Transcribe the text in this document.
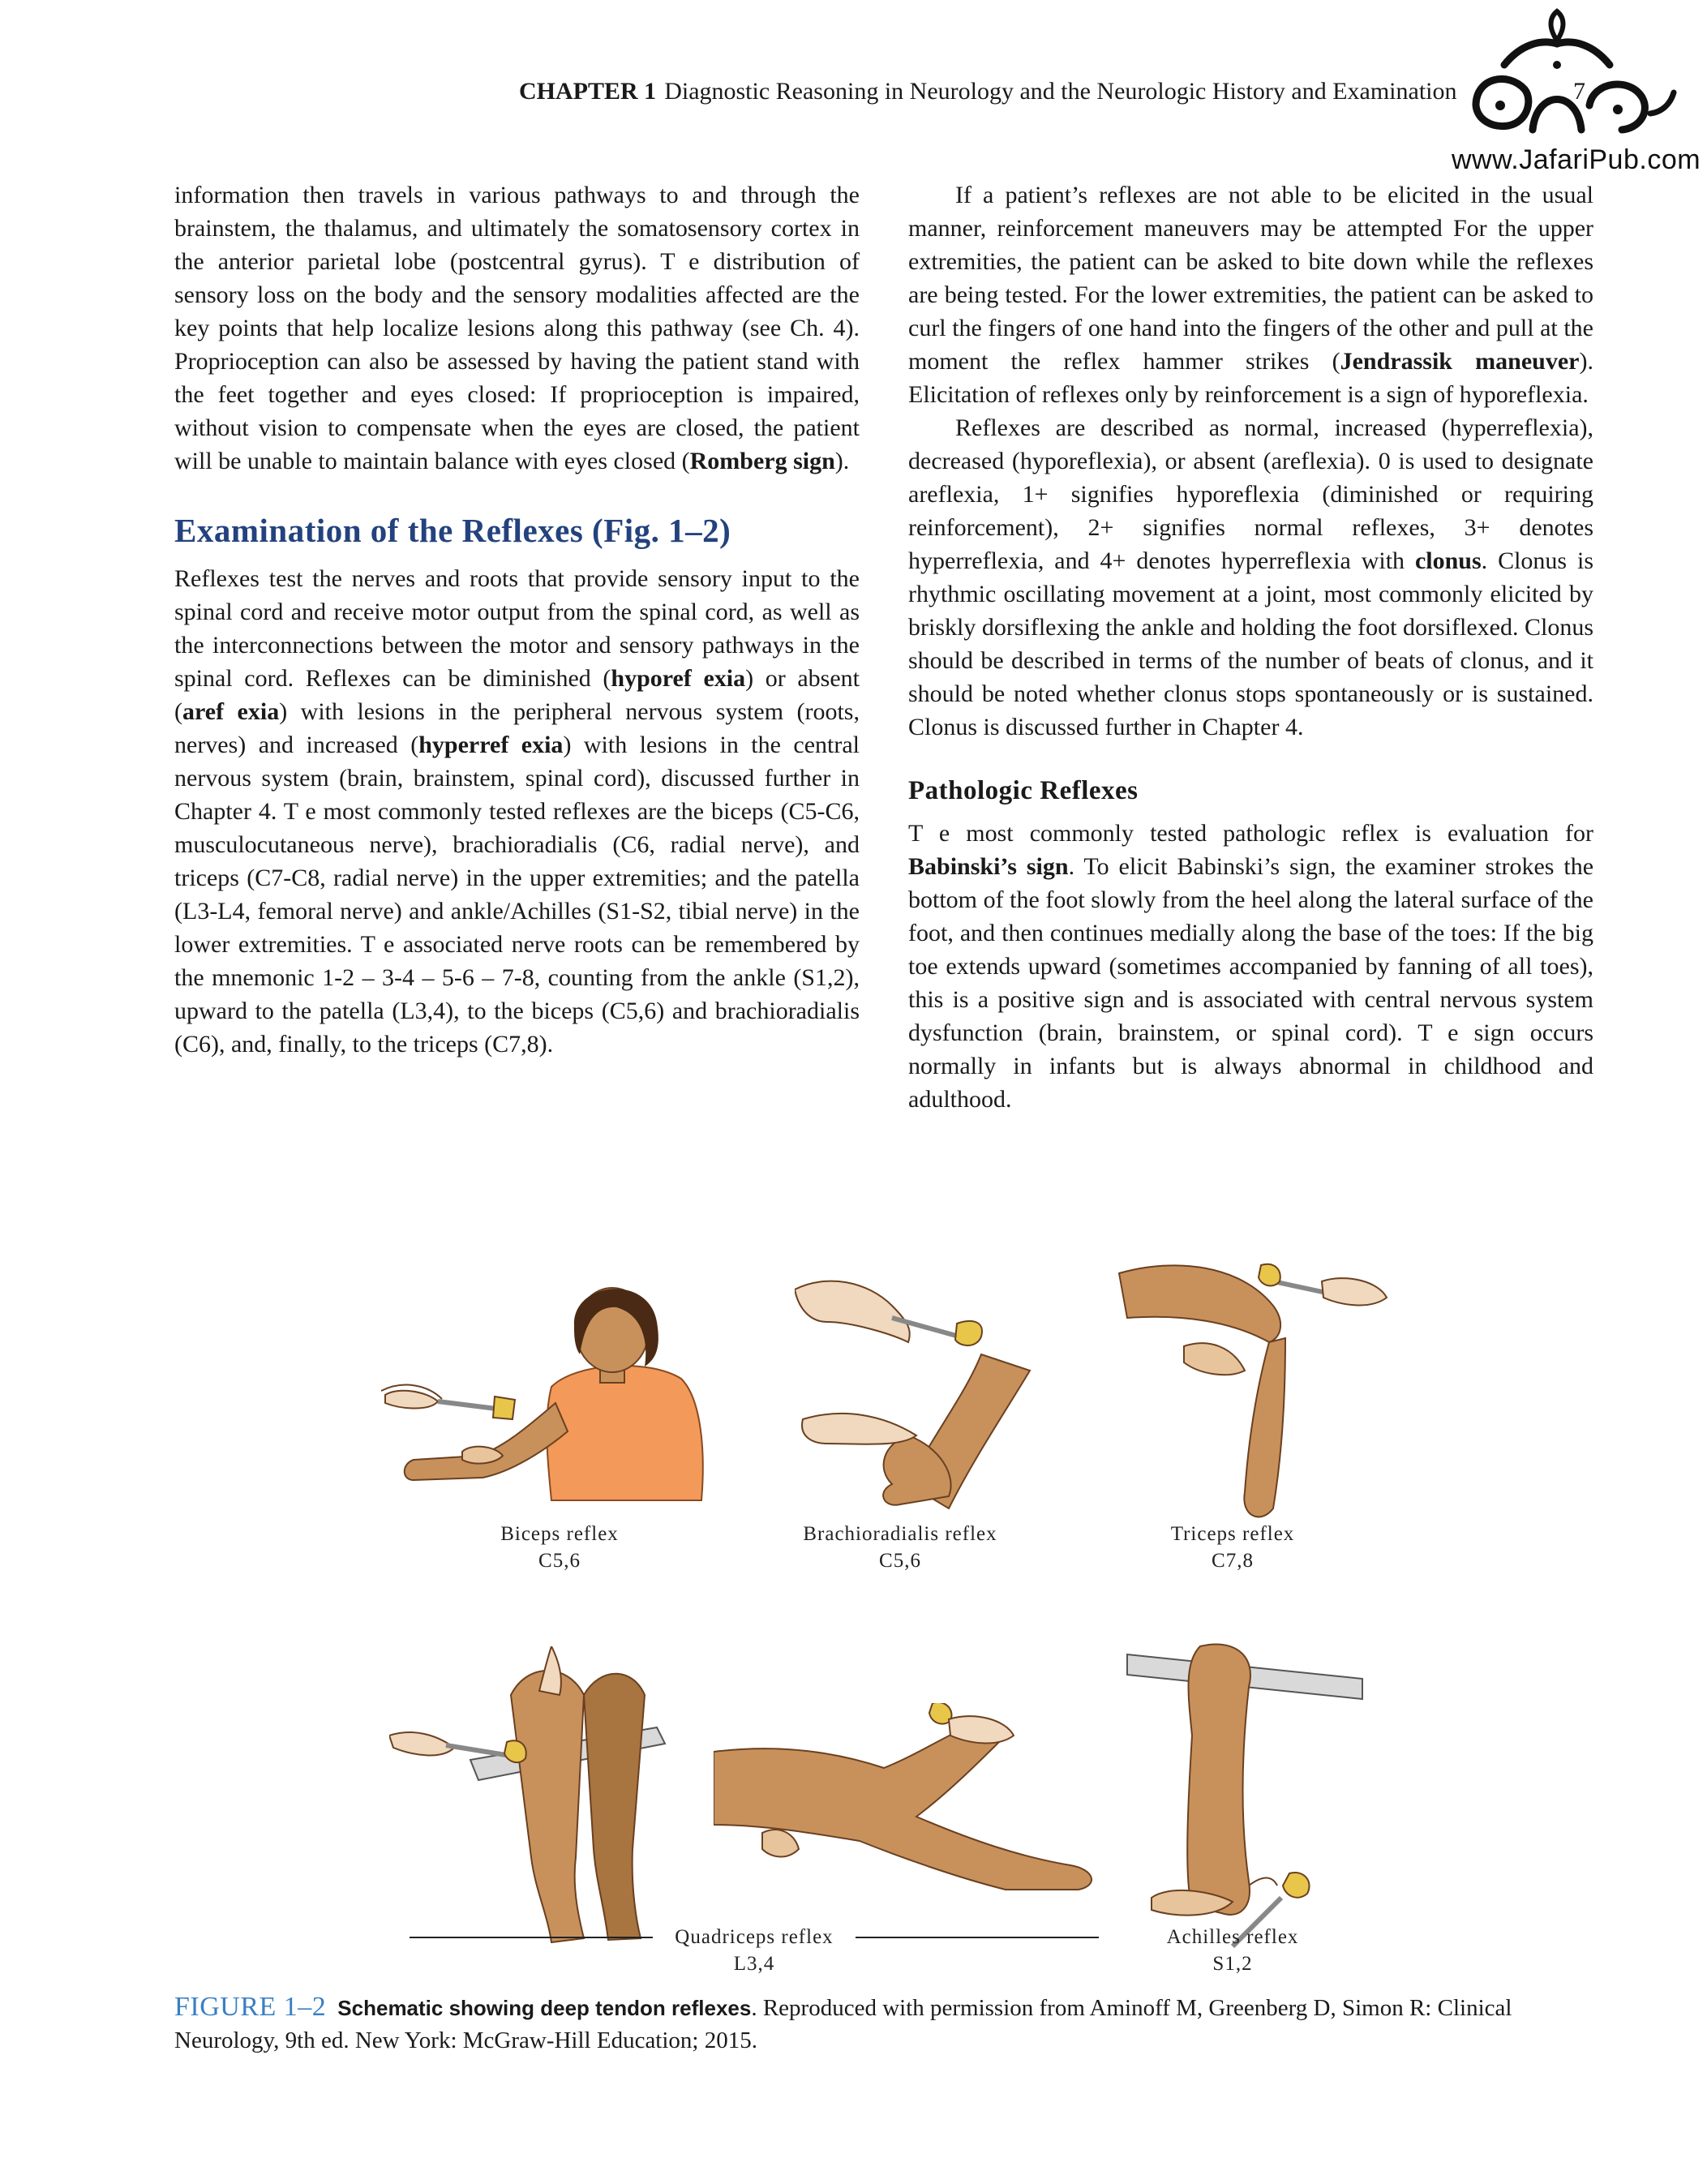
CHAPTER 1 Diagnostic Reasoning in Neurology and the Neurologic History and Examination	7
www.JafariPub.com

information then travels in various pathways to and through the brainstem, the thalamus, and ultimately the somatosensory cortex in the anterior parietal lobe (postcentral gyrus). T e distribution of sensory loss on the body and the sensory modalities affected are the key points that help localize lesions along this pathway (see Ch. 4). Proprioception can also be assessed by having the patient stand with the feet together and eyes closed: If proprioception is impaired, without vision to compensate when the eyes are closed, the patient will be unable to maintain balance with eyes closed (Romberg sign).

Examination of the Reflexes (Fig. 1–2)

Reflexes test the nerves and roots that provide sensory input to the spinal cord and receive motor output from the spinal cord, as well as the interconnections between the motor and sensory pathways in the spinal cord. Reflexes can be diminished (hyporef exia) or absent (aref exia) with lesions in the peripheral nervous system (roots, nerves) and increased (hyperref exia) with lesions in the central nervous system (brain, brainstem, spinal cord), discussed further in Chapter 4. T e most commonly tested reflexes are the biceps (C5-C6, musculocutaneous nerve), brachioradialis (C6, radial nerve), and triceps (C7-C8, radial nerve) in the upper extremities; and the patella (L3-L4, femoral nerve) and ankle/Achilles (S1-S2, tibial nerve) in the lower extremities. T e associated nerve roots can be remembered by the mnemonic 1-2 – 3-4 – 5-6 – 7-8, counting from the ankle (S1,2), upward to the patella (L3,4), to the biceps (C5,6) and brachioradialis (C6), and, finally, to the triceps (C7,8).

If a patient’s reflexes are not able to be elicited in the usual manner, reinforcement maneuvers may be attempted For the upper extremities, the patient can be asked to bite down while the reflexes are being tested. For the lower extremities, the patient can be asked to curl the fingers of one hand into the fingers of the other and pull at the moment the reflex hammer strikes (Jendrassik maneuver). Elicitation of reflexes only by reinforcement is a sign of hyporeflexia.

Reflexes are described as normal, increased (hyperreflexia), decreased (hyporeflexia), or absent (areflexia). 0 is used to designate areflexia, 1+ signifies hyporeflexia (diminished or requiring reinforcement), 2+ signifies normal reflexes, 3+ denotes hyperreflexia, and 4+ denotes hyperreflexia with clonus. Clonus is rhythmic oscillating movement at a joint, most commonly elicited by briskly dorsiflexing the ankle and holding the foot dorsiflexed. Clonus should be described in terms of the number of beats of clonus, and it should be noted whether clonus stops spontaneously or is sustained. Clonus is discussed further in Chapter 4.

Pathologic Reflexes

T e most commonly tested pathologic reflex is evaluation for Babinski’s sign. To elicit Babinski’s sign, the examiner strokes the bottom of the foot slowly from the heel along the lateral surface of the foot, and then continues medially along the base of the toes: If the big toe extends upward (sometimes accompanied by fanning of all toes), this is a positive sign and is associated with central nervous system dysfunction (brain, brainstem, or spinal cord). T e sign occurs normally in infants but is always abnormal in childhood and adulthood.

Biceps reflex
C5,6
Brachioradialis reflex
C5,6
Triceps reflex
C7,8
Quadriceps reflex
L3,4
Achilles reflex
S1,2
FIGURE 1–2 Schematic showing deep tendon reflexes. Reproduced with permission from Aminoff M, Greenberg D, Simon R: Clinical Neurology, 9th ed. New York: McGraw-Hill Education; 2015.
